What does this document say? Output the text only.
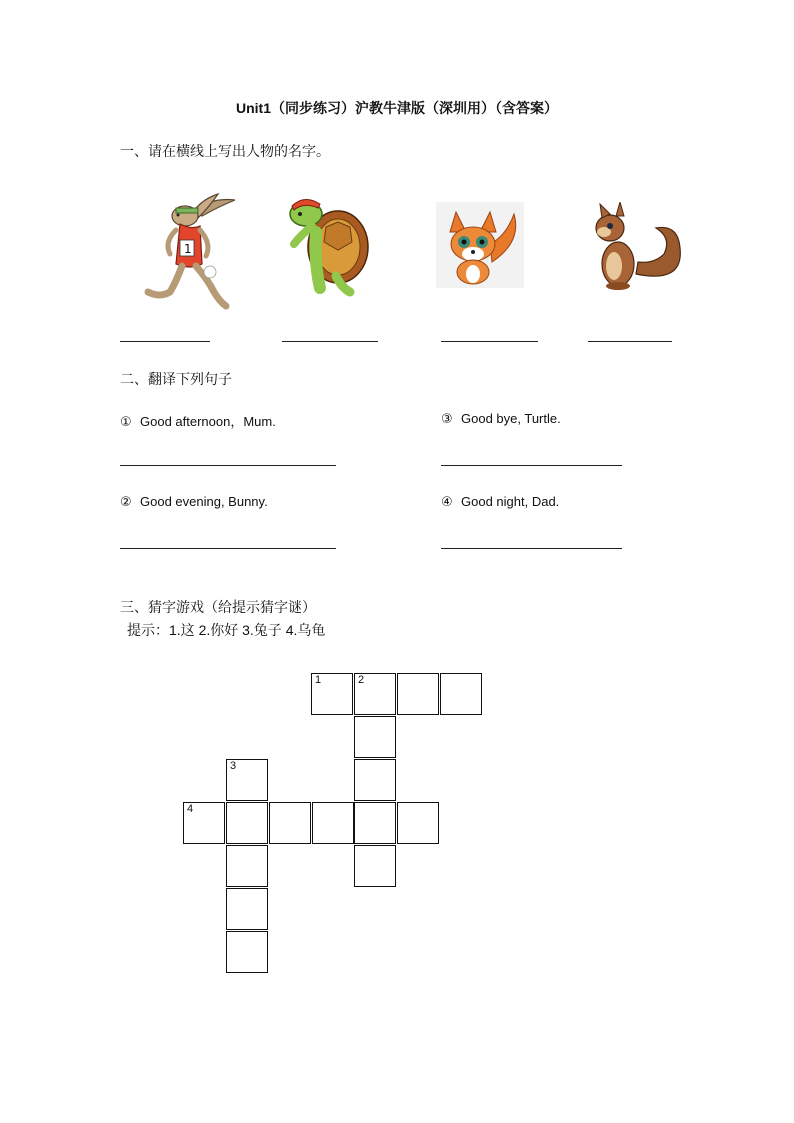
Unit1（同步练习）沪教牛津版（深圳用）（含答案）
一、请在横线上写出人物的名字。
1
二、翻译下列句子
① Good afternoon，Mum.	③ Good bye, Turtle.
② Good evening, Bunny.	④ Good night, Dad.
三、猜字游戏（给提示猜字谜）
提示：1.这 2.你好 3.兔子 4.乌龟
1	2
3
4
